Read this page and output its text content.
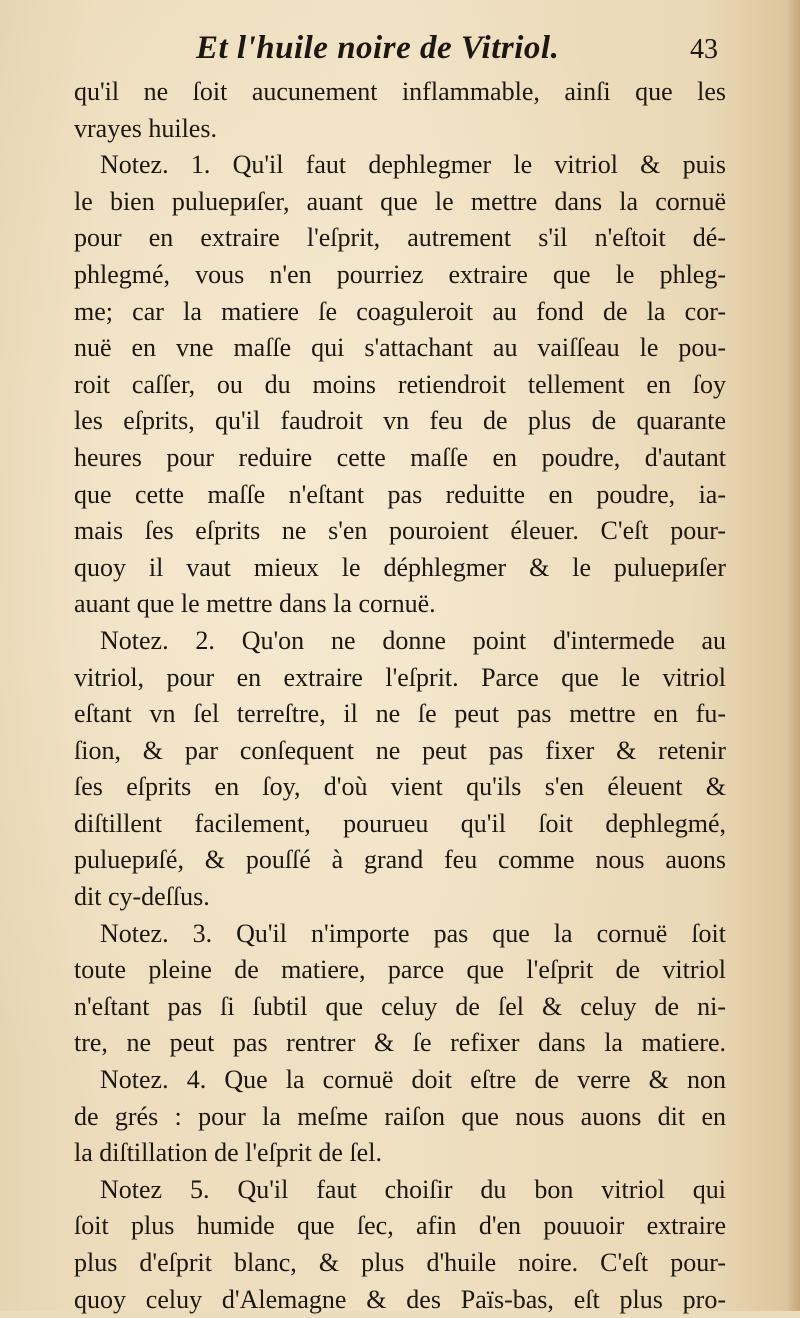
Et l'huile noire de Vitriol.	43
qu'il ne ſoit aucunement inflammable, ainſi que les
vrayes huiles.
Notez. 1. Qu'il faut dephlegmer le vitriol & puis
le bien puluериſer, auant que le mettre dans la cornuë
pour en extraire l'eſprit, autrement s'il n'eſtoit dé-
phlegmé, vous n'en pourriez extraire que le phleg-
me; car la matiere ſe coaguleroit au fond de la cor-
nuë en vne maſſe qui s'attachant au vaiſſeau le pou-
roit caſſer, ou du moins retiendroit tellement en ſoy
les eſprits, qu'il faudroit vn feu de plus de quarante
heures pour reduire cette maſſe en poudre, d'autant
que cette maſſe n'eſtant pas reduitte en poudre, ia-
mais ſes eſprits ne s'en pouroient éleuer. C'eſt pour-
quoy il vaut mieux le déphlegmer & le puluериſer
auant que le mettre dans la cornuë.
Notez. 2. Qu'on ne donne point d'intermede au
vitriol, pour en extraire l'eſprit. Parce que le vitriol
eſtant vn ſel terreſtre, il ne ſe peut pas mettre en fu-
ſion, & par conſequent ne peut pas fixer & retenir
ſes eſprits en ſoy, d'où vient qu'ils s'en éleuent &
diſtillent facilement, pourueu qu'il ſoit dephlegmé,
puluериſé, & pouſſé à grand feu comme nous auons
dit cy-deſſus.
Notez. 3. Qu'il n'importe pas que la cornuë ſoit
toute pleine de matiere, parce que l'eſprit de vitriol
n'eſtant pas ſi ſubtil que celuy de ſel & celuy de ni-
tre, ne peut pas rentrer & ſe refixer dans la matiere.
Notez. 4. Que la cornuë doit eſtre de verre & non
de grés : pour la meſme raiſon que nous auons dit en
la diſtillation de l'eſprit de ſel.
Notez 5. Qu'il faut choiſir du bon vitriol qui
ſoit plus humide que ſec, afin d'en pouuoir extraire
plus d'eſprit blanc, & plus d'huile noire. C'eſt pour-
quoy celuy d'Alemagne & des Païs-bas, eſt plus pro-
